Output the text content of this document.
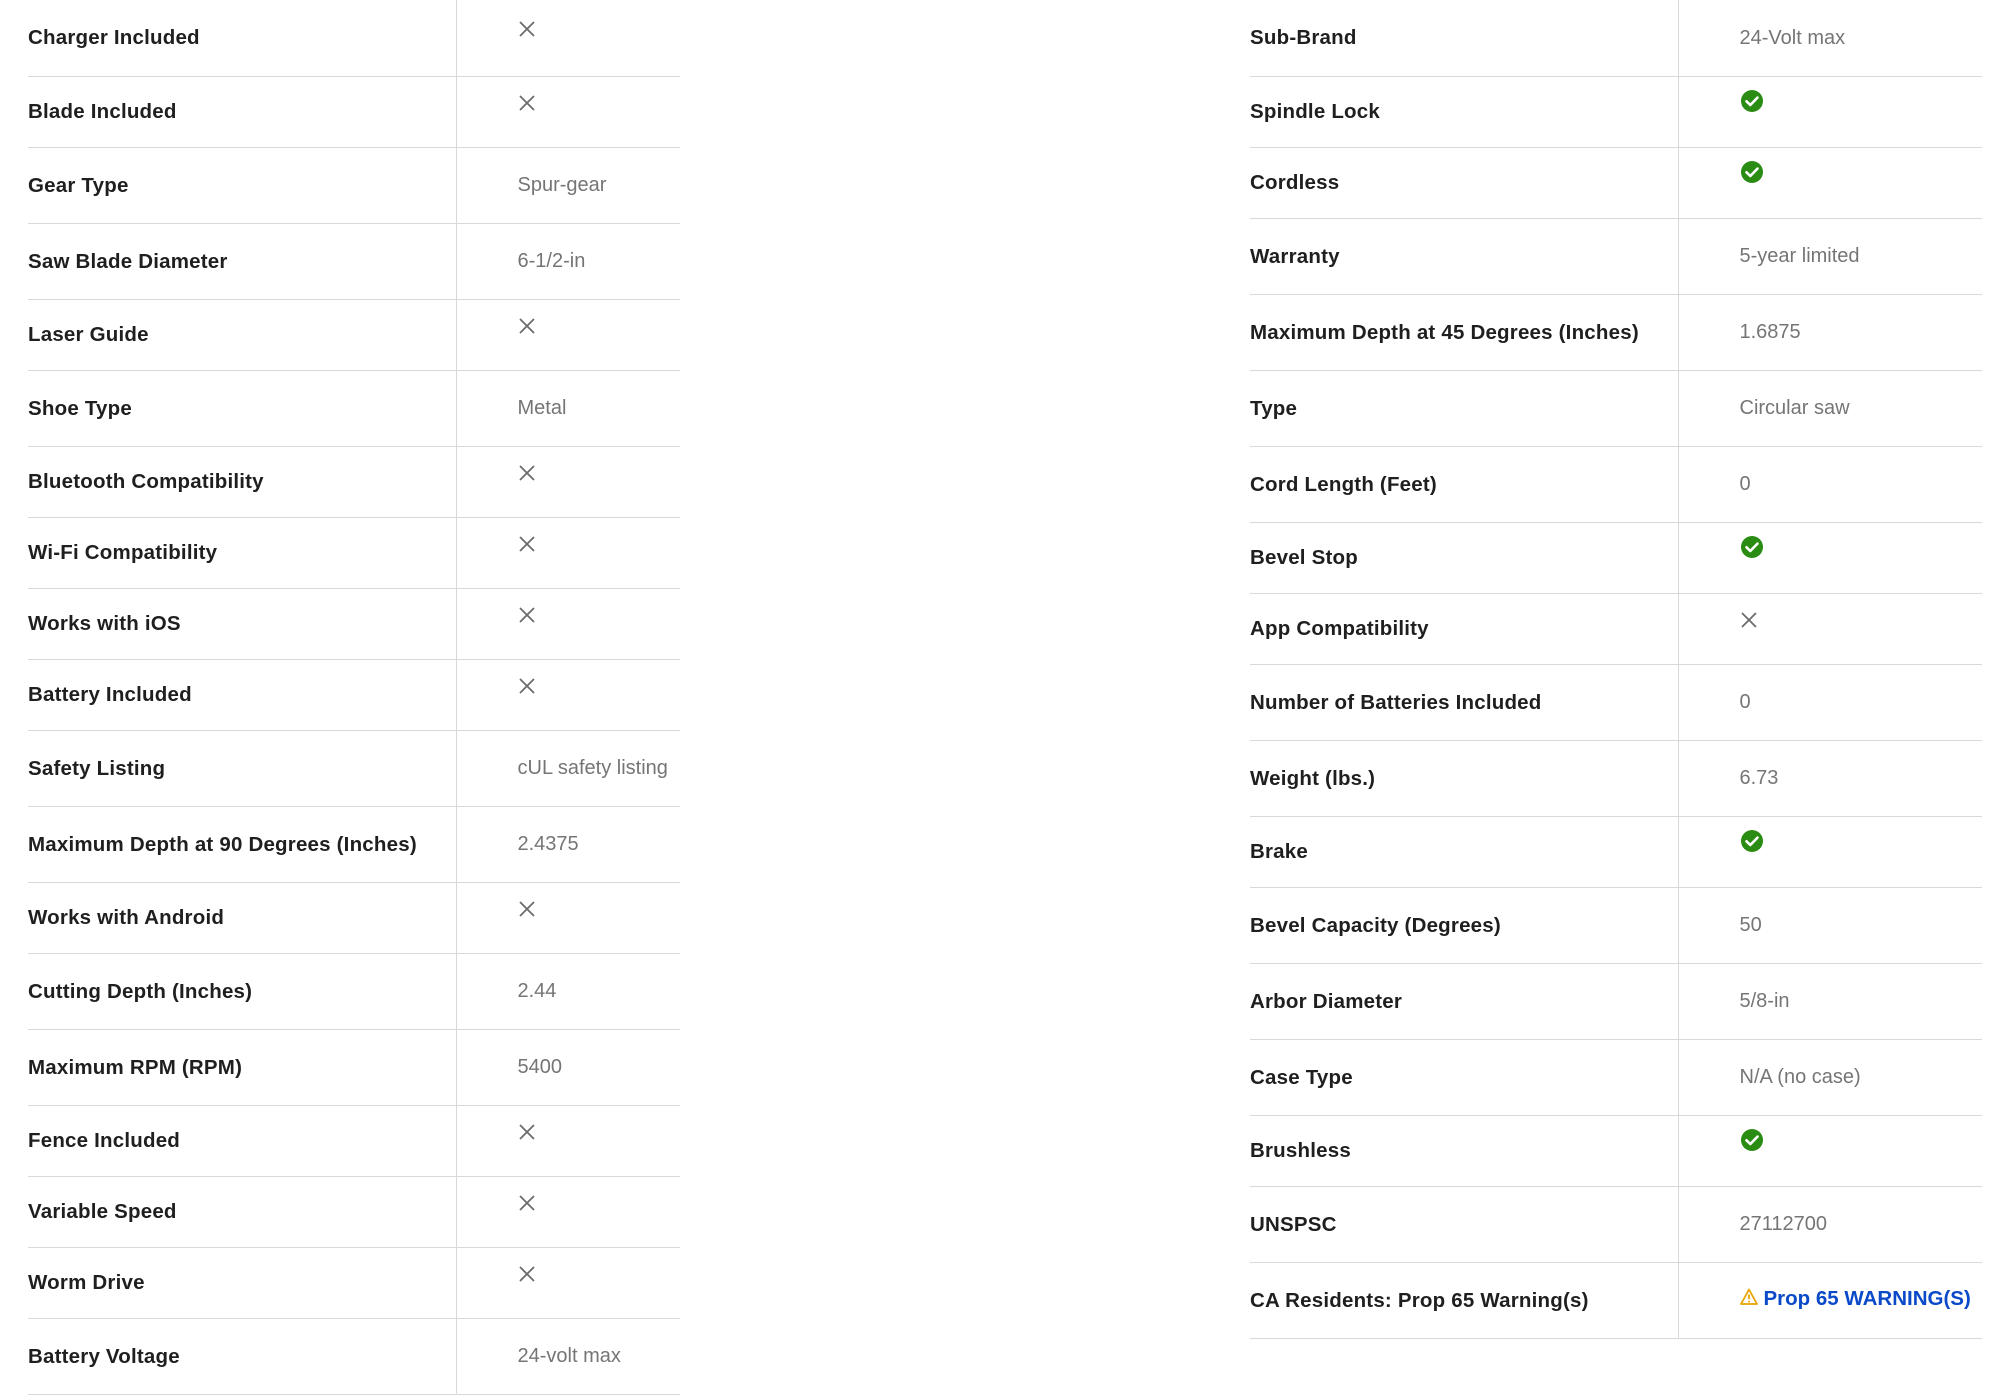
Charger Included	
Blade Included	
Gear Type	Spur-gear
Saw Blade Diameter	6-1/2-in
Laser Guide	
Shoe Type	Metal
Bluetooth Compatibility	
Wi-Fi Compatibility	
Works with iOS	
Battery Included	
Safety Listing	cUL safety listing
Maximum Depth at 90 Degrees (Inches)	2.4375
Works with Android	
Cutting Depth (Inches)	2.44
Maximum RPM (RPM)	5400
Fence Included	
Variable Speed	
Worm Drive	
Battery Voltage	24-volt max
Sub-Brand	24-Volt max
Spindle Lock	
Cordless	
Warranty	5-year limited
Maximum Depth at 45 Degrees (Inches)	1.6875
Type	Circular saw
Cord Length (Feet)	0
Bevel Stop	
App Compatibility	
Number of Batteries Included	0
Weight (lbs.)	6.73
Brake	
Bevel Capacity (Degrees)	50
Arbor Diameter	5/8-in
Case Type	N/A (no case)
Brushless	
UNSPSC	27112700
CA Residents: Prop 65 Warning(s)	Prop 65 WARNING(S)
